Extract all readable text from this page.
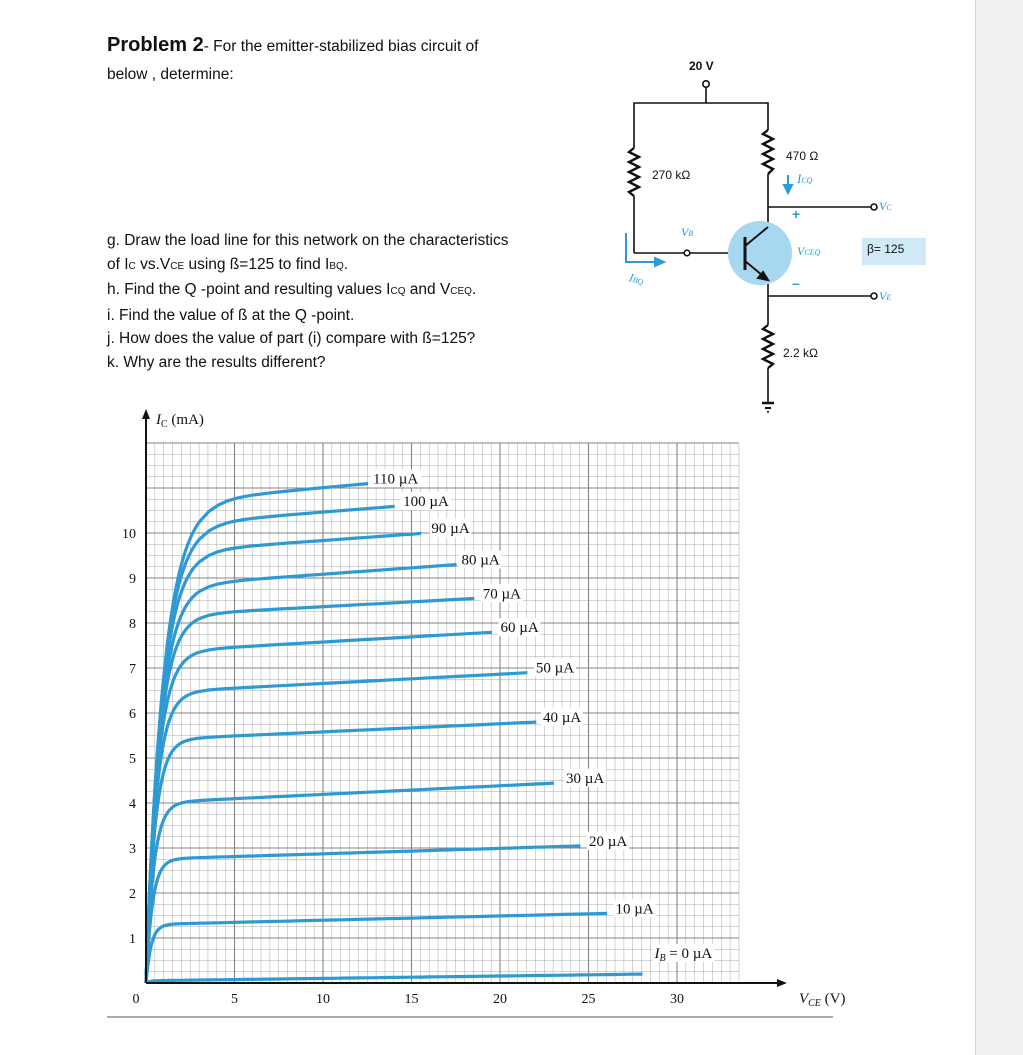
Problem 2- For the emitter-stabilized bias circuit of
below , determine:
g. Draw the load line for this network on the characteristics
of IC vs.VCE using ß=125 to find IBQ.
h. Find the Q -point and resulting values ICQ and VCEQ.
i. Find the value of ß at the Q -point.
j. How does the value of part (i) compare with ß=125?
k. Why are the results different?
20 V
270 kΩ
470 Ω
2.2 kΩ
β= 125
VB
VC
VE
ICQ
IBQ
VCEQ
+
–
0	5	10	15	20	25	30
1
2
3
4
5
6
7
8
9
10
$I_C$ (mA)
$V_{CE}$ (V)
$I_B = 0$ µA
10 µA
20 µA
30 µA
40 µA
50 µA
60 µA
70 µA
80 µA
90 µA
100 µA
110 µA
